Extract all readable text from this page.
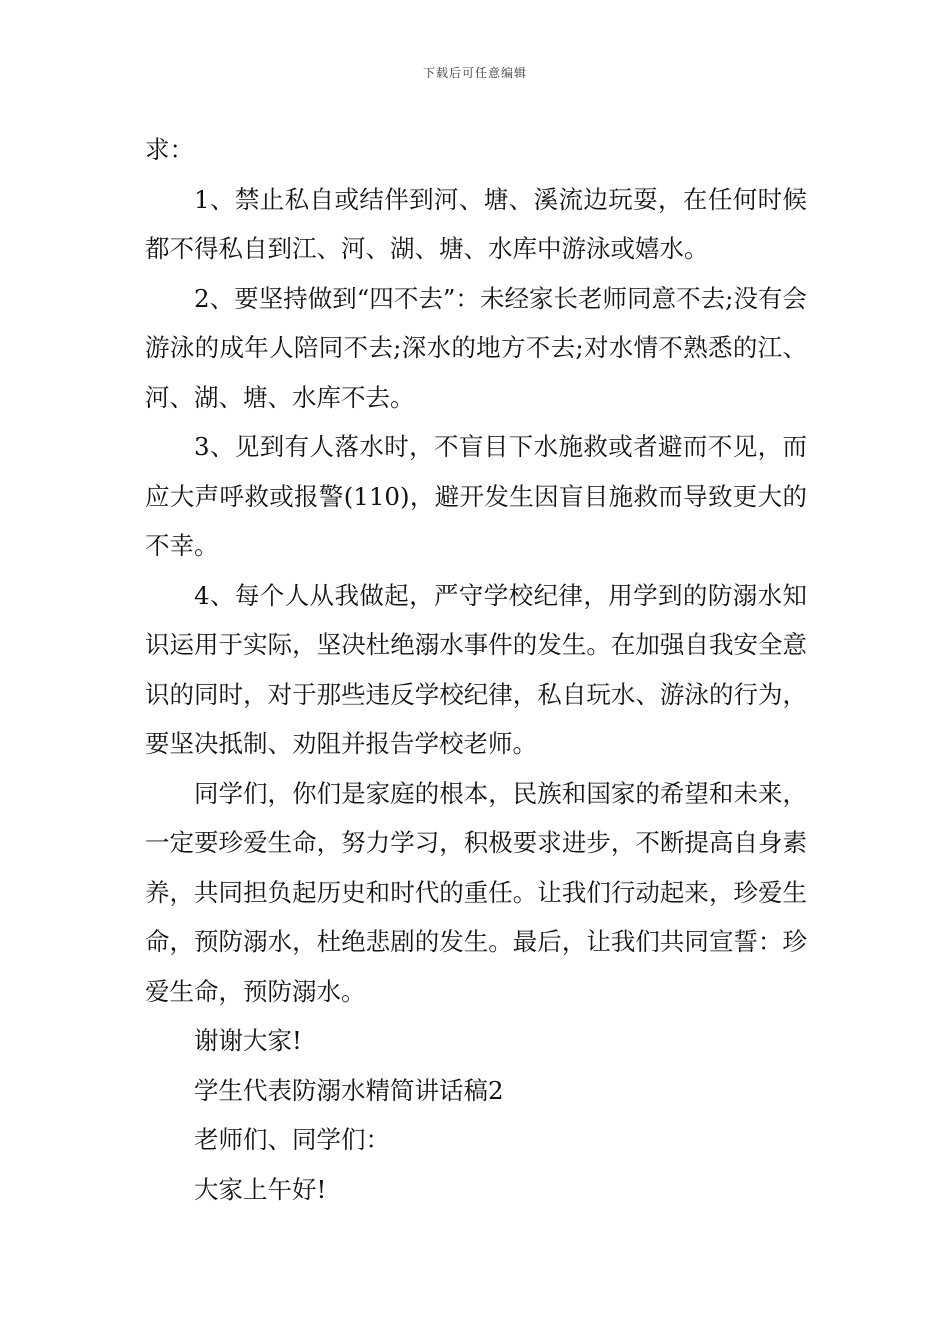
下载后可任意编辑

求：

1、禁止私自或结伴到河、塘、溪流边玩耍，在任何时候都不得私自到江、河、湖、塘、水库中游泳或嬉水。

2、要坚持做到“四不去”：未经家长老师同意不去;没有会游泳的成年人陪同不去;深水的地方不去;对水情不熟悉的江、河、湖、塘、水库不去。

3、见到有人落水时，不盲目下水施救或者避而不见，而应大声呼救或报警(110)，避开发生因盲目施救而导致更大的不幸。

4、每个人从我做起，严守学校纪律，用学到的防溺水知识运用于实际，坚决杜绝溺水事件的发生。在加强自我安全意识的同时，对于那些违反学校纪律，私自玩水、游泳的行为，要坚决抵制、劝阻并报告学校老师。

同学们，你们是家庭的根本，民族和国家的希望和未来，一定要珍爱生命，努力学习，积极要求进步，不断提高自身素养，共同担负起历史和时代的重任。让我们行动起来，珍爱生命，预防溺水，杜绝悲剧的发生。最后，让我们共同宣誓：珍爱生命，预防溺水。

谢谢大家!

学生代表防溺水精简讲话稿2

老师们、同学们：

大家上午好!
